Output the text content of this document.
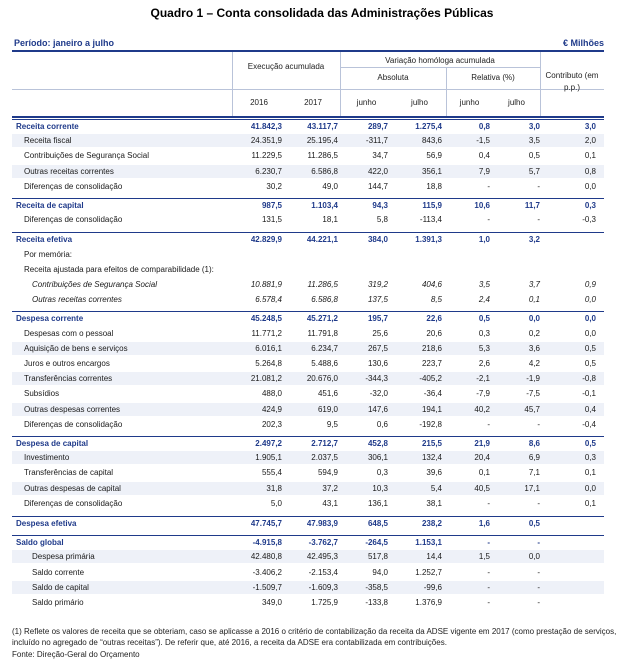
Quadro 1 – Conta consolidada das Administrações Públicas
Período: janeiro a julho	€ Milhões
Execução acumulada
Variação homóloga acumulada
Absoluta	Relativa (%)	Contributo (em p.p.)
2016	2017	junho	julho	junho	julho
Receita corrente	41.842,3	43.117,7	289,7	1.275,4	0,8	3,0	3,0
Receita fiscal	24.351,9	25.195,4	-311,7	843,6	-1,5	3,5	2,0
Contribuições de Segurança Social	11.229,5	11.286,5	34,7	56,9	0,4	0,5	0,1
Outras receitas correntes	6.230,7	6.586,8	422,0	356,1	7,9	5,7	0,8
Diferenças de consolidação	30,2	49,0	144,7	18,8	-	-	0,0
Receita de capital	987,5	1.103,4	94,3	115,9	10,6	11,7	0,3
Diferenças de consolidação	131,5	18,1	5,8	-113,4	-	-	-0,3
Receita efetiva	42.829,9	44.221,1	384,0	1.391,3	1,0	3,2
Por memória:
Receita ajustada para efeitos de comparabilidade (1):
Contribuições de Segurança Social	10.881,9	11.286,5	319,2	404,6	3,5	3,7	0,9
Outras receitas correntes	6.578,4	6.586,8	137,5	8,5	2,4	0,1	0,0
Despesa corrente	45.248,5	45.271,2	195,7	22,6	0,5	0,0	0,0
Despesas com o pessoal	11.771,2	11.791,8	25,6	20,6	0,3	0,2	0,0
Aquisição de bens e serviços	6.016,1	6.234,7	267,5	218,6	5,3	3,6	0,5
Juros e outros encargos	5.264,8	5.488,6	130,6	223,7	2,6	4,2	0,5
Transferências correntes	21.081,2	20.676,0	-344,3	-405,2	-2,1	-1,9	-0,8
Subsídios	488,0	451,6	-32,0	-36,4	-7,9	-7,5	-0,1
Outras despesas correntes	424,9	619,0	147,6	194,1	40,2	45,7	0,4
Diferenças de consolidação	202,3	9,5	0,6	-192,8	-	-	-0,4
Despesa de capital	2.497,2	2.712,7	452,8	215,5	21,9	8,6	0,5
Investimento	1.905,1	2.037,5	306,1	132,4	20,4	6,9	0,3
Transferências de capital	555,4	594,9	0,3	39,6	0,1	7,1	0,1
Outras despesas de capital	31,8	37,2	10,3	5,4	40,5	17,1	0,0
Diferenças de consolidação	5,0	43,1	136,1	38,1	-	-	0,1
Despesa efetiva	47.745,7	47.983,9	648,5	238,2	1,6	0,5
Saldo global	-4.915,8	-3.762,7	-264,5	1.153,1	-	-
Despesa primária	42.480,8	42.495,3	517,8	14,4	1,5	0,0
Saldo corrente	-3.406,2	-2.153,4	94,0	1.252,7	-	-
Saldo de capital	-1.509,7	-1.609,3	-358,5	-99,6	-	-
Saldo primário	349,0	1.725,9	-133,8	1.376,9	-	-
(1) Reflete os valores de receita que se obteriam, caso se aplicasse a 2016 o critério de contabilização da receita da ADSE vigente em 2017 (como prestação de serviços, incluído no agregado de “outras receitas”). De referir que, até 2016, a receita da ADSE era contabilizada em contribuições.
Fonte: Direção-Geral do Orçamento
